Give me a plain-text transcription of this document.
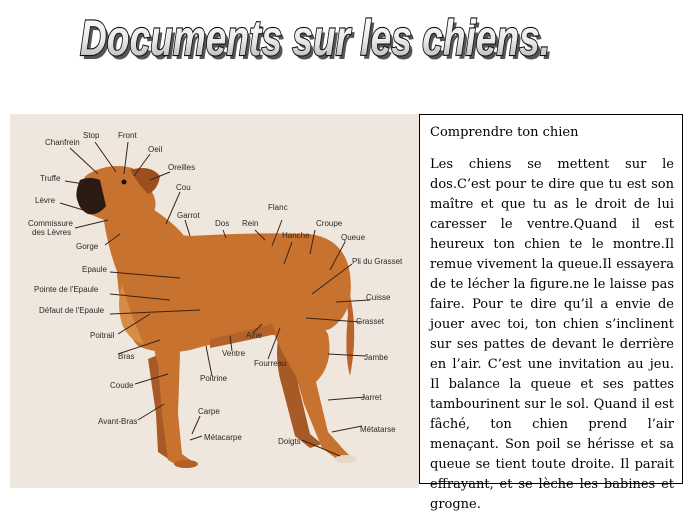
Documents sur les chiens.
Documents sur les chiens.
Stop Front
Chanfrein
Oeil
Oreilles
Truffe
Cou
Lèvre
Garrot
Commissure
des Lèvres
Gorge
Dos Rein
Flanc
Croupe
Hanche	Queue
Pli du Grasset
Epaule
Pointe de l'Epaule
Défaut de l'Epaule
Cuisse
Grasset
Poitrail	Aine
Fourreau
Ventre
Bras	Jambe
Coude
Poitrine
Jarret
Avant-Bras
Carpe
Métatarse
Métacarpe	Doigts

Comprendre ton chien

Les chiens se mettent sur le dos.C’est pour te dire que tu est son maître et que tu as le droit de lui caresser le ventre.Quand il est heureux ton chien te le montre.Il remue vivement la queue.Il essayera de te lécher la figure.ne le laisse pas faire. Pour te dire qu’il a envie de jouer avec toi, ton chien s’inclinent sur ses pattes de devant le derrière en l’air. C’est une invitation au jeu. Il balance la queue et ses pattes tambourinent sur le sol. Quand il est fâché, ton chien prend l’air menaçant. Son poil se hérisse et sa queue se tient toute droite. Il parait effrayant, et se lèche les babines et grogne.
